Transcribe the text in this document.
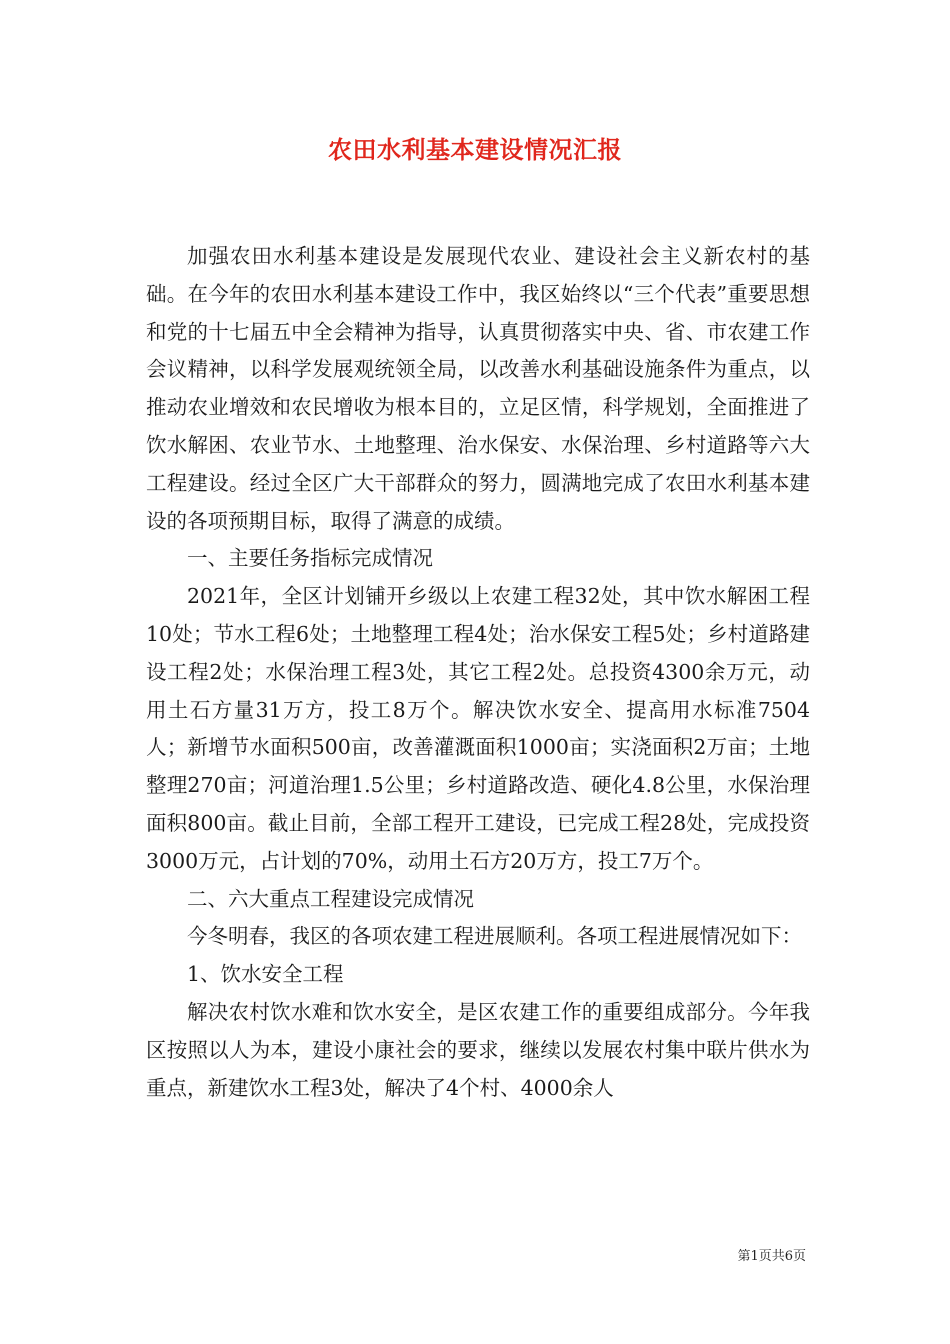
农田水利基本建设情况汇报

加强农田水利基本建设是发展现代农业、建设社会主义新农村的基础。在今年的农田水利基本建设工作中，我区始终以“三个代表”重要思想和党的十七届五中全会精神为指导，认真贯彻落实中央、省、市农建工作会议精神，以科学发展观统领全局，以改善水利基础设施条件为重点，以推动农业增效和农民增收为根本目的，立足区情，科学规划，全面推进了饮水解困、农业节水、土地整理、治水保安、水保治理、乡村道路等六大工程建设。经过全区广大干部群众的努力，圆满地完成了农田水利基本建设的各项预期目标，取得了满意的成绩。

一、主要任务指标完成情况

2021年，全区计划铺开乡级以上农建工程32处，其中饮水解困工程10处；节水工程6处；土地整理工程4处；治水保安工程5处；乡村道路建设工程2处；水保治理工程3处，其它工程2处。总投资4300余万元，动用土石方量31万方，投工8万个。解决饮水安全、提高用水标准7504人；新增节水面积500亩，改善灌溉面积1000亩；实浇面积2万亩；土地整理270亩；河道治理1.5公里；乡村道路改造、硬化4.8公里，水保治理面积800亩。截止目前，全部工程开工建设，已完成工程28处，完成投资3000万元，占计划的70%，动用土石方20万方，投工7万个。

二、六大重点工程建设完成情况

今冬明春，我区的各项农建工程进展顺利。各项工程进展情况如下：

1、饮水安全工程

解决农村饮水难和饮水安全，是区农建工作的重要组成部分。今年我区按照以人为本，建设小康社会的要求，继续以发展农村集中联片供水为重点，新建饮水工程3处，解决了4个村、4000余人

第1页共6页
